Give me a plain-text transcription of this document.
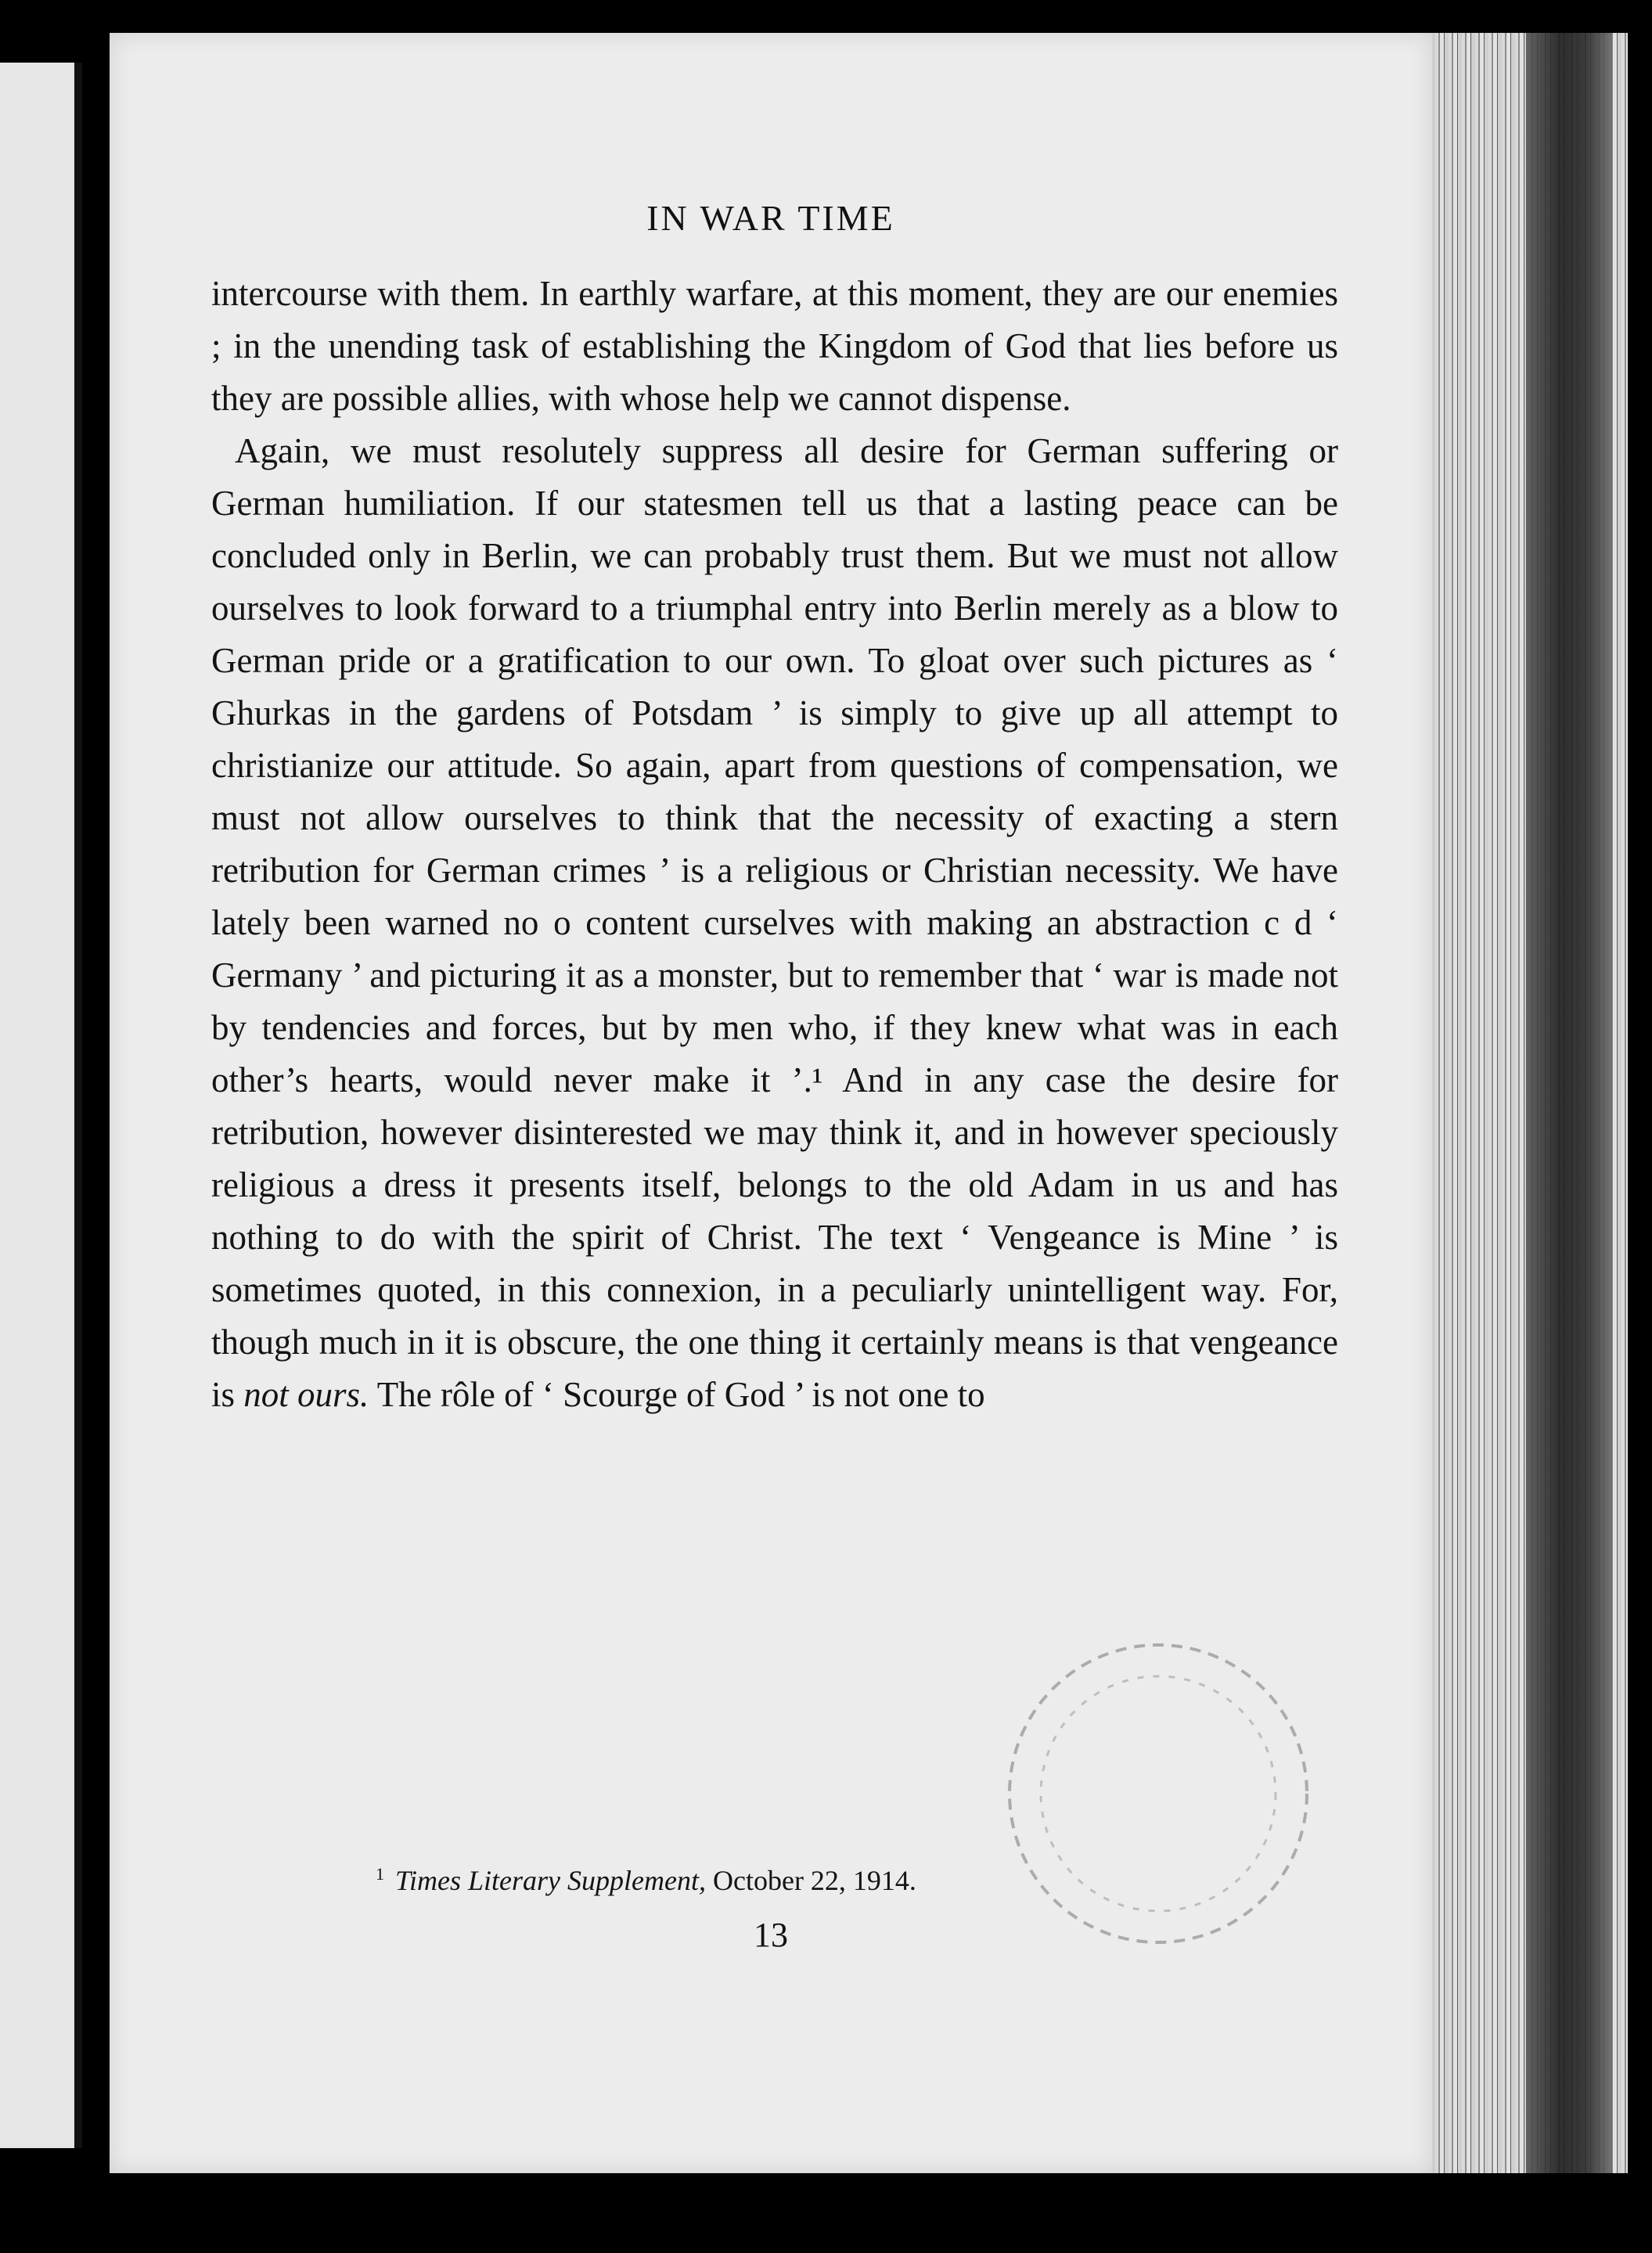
IN WAR TIME

intercourse with them. In earthly warfare, at this moment, they are our enemies ; in the unending task of establishing the Kingdom of God that lies before us they are possible allies, with whose help we cannot dispense.

Again, we must resolutely suppress all desire for German suffering or German humiliation. If our statesmen tell us that a lasting peace can be concluded only in Berlin, we can probably trust them. But we must not allow ourselves to look forward to a triumphal entry into Berlin merely as a blow to German pride or a gratification to our own. To gloat over such pictures as ‘ Ghurkas in the gardens of Potsdam ’ is simply to give up all attempt to christianize our attitude. So again, apart from questions of compensation, we must not allow ourselves to think that the necessity of exacting a stern retribution for German crimes ’ is a religious or Christian necessity. We have lately been warned no o content curselves with making an abstraction c d ‘ Germany ’ and picturing it as a monster, but to remember that ‘ war is made not by tendencies and forces, but by men who, if they knew what was in each other’s hearts, would never make it ’.¹ And in any case the desire for retribution, however disinterested we may think it, and in however speciously religious a dress it presents itself, belongs to the old Adam in us and has nothing to do with the spirit of Christ. The text ‘ Vengeance is Mine ’ is sometimes quoted, in this connexion, in a peculiarly unintelligent way. For, though much in it is obscure, the one thing it certainly means is that vengeance is not ours. The rôle of ‘ Scourge of God ’ is not one to

$^1$ Times Literary Supplement, October 22, 1914.
13
